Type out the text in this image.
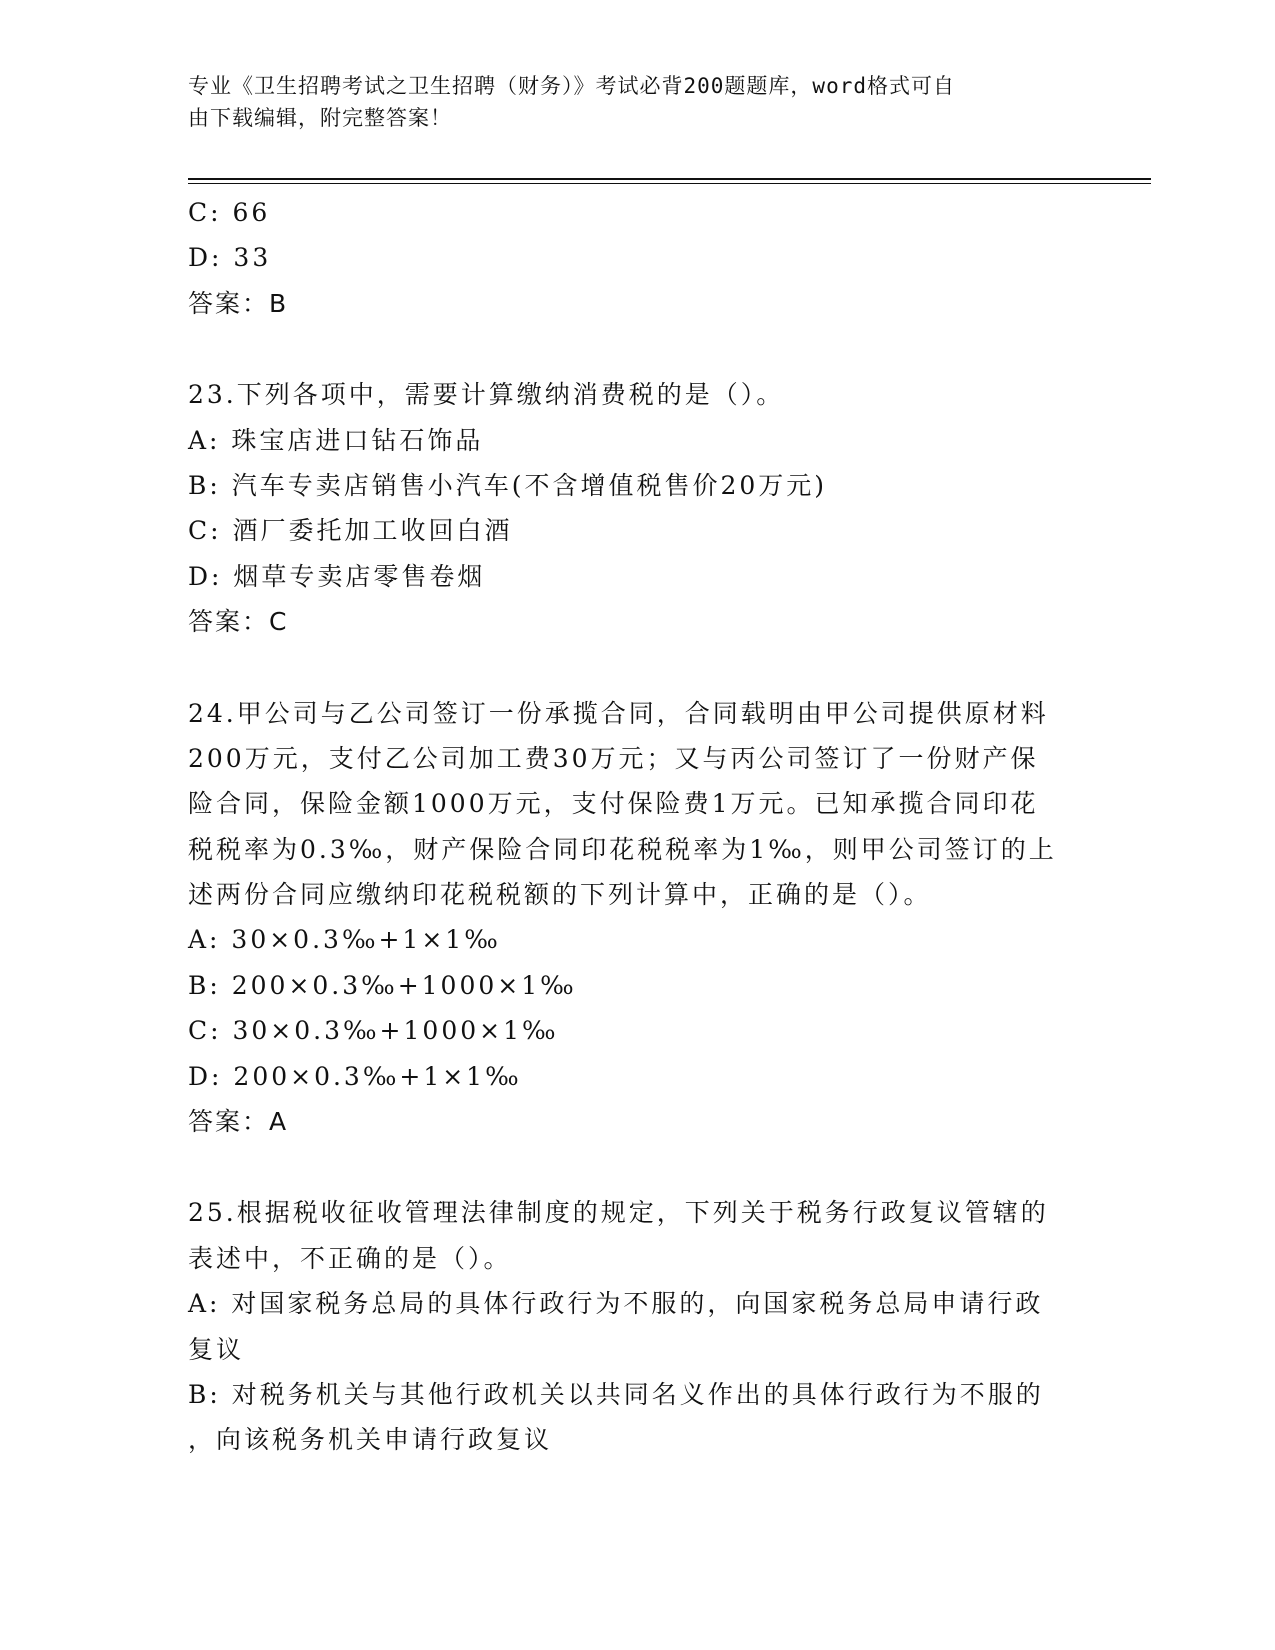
专业《卫生招聘考试之卫生招聘（财务）》考试必背200题题库，word格式可自
由下载编辑，附完整答案！
C: 66
D: 33
答案：B
23.下列各项中，需要计算缴纳消费税的是（）。
A: 珠宝店进口钻石饰品
B: 汽车专卖店销售小汽车(不含增值税售价20万元)
C: 酒厂委托加工收回白酒
D: 烟草专卖店零售卷烟
答案：C
24.甲公司与乙公司签订一份承揽合同，合同载明由甲公司提供原材料
200万元，支付乙公司加工费30万元；又与丙公司签订了一份财产保
险合同，保险金额1000万元，支付保险费1万元。已知承揽合同印花
税税率为0.3‰，财产保险合同印花税税率为1‰，则甲公司签订的上
述两份合同应缴纳印花税税额的下列计算中，正确的是（）。
A: 30×0.3‰+1×1‰
B: 200×0.3‰+1000×1‰
C: 30×0.3‰+1000×1‰
D: 200×0.3‰+1×1‰
答案：A
25.根据税收征收管理法律制度的规定，下列关于税务行政复议管辖的
表述中，不正确的是（）。
A: 对国家税务总局的具体行政行为不服的，向国家税务总局申请行政
复议
B: 对税务机关与其他行政机关以共同名义作出的具体行政行为不服的
，向该税务机关申请行政复议
